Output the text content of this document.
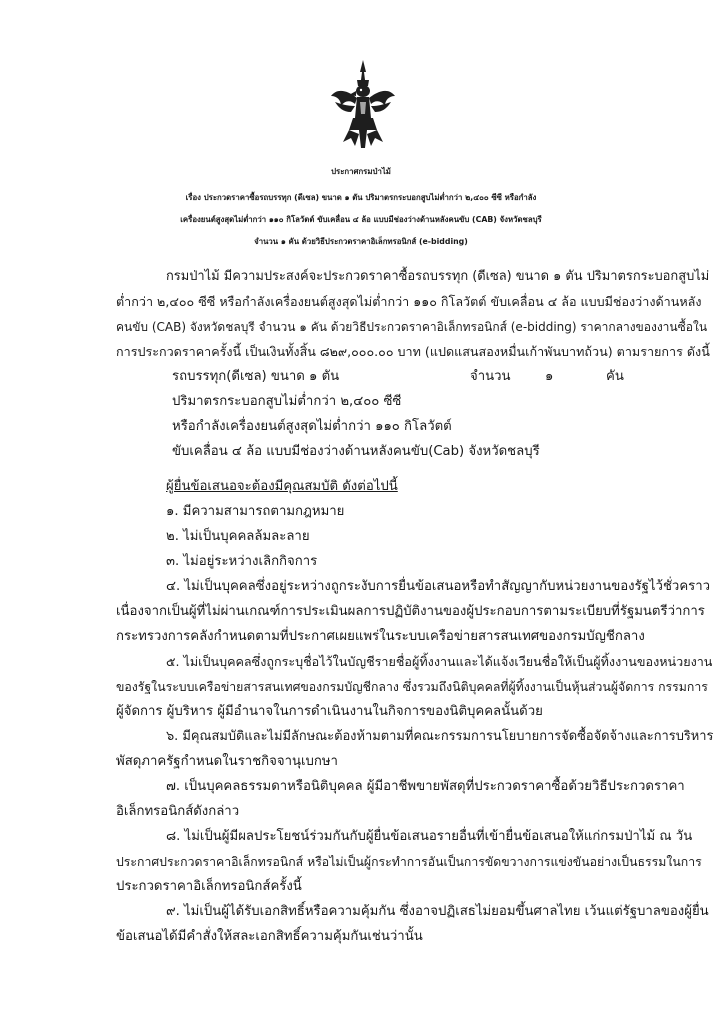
ประกาศกรมป่าไม้
เรื่อง ประกวดราคาซื้อรถบรรทุก (ดีเซล) ขนาด ๑ ตัน ปริมาตรกระบอกสูบไม่ต่ำกว่า ๒,๔๐๐ ซีซี หรือกำลัง
เครื่องยนต์สูงสุดไม่ต่ำกว่า ๑๑๐ กิโลวัตต์ ขับเคลื่อน ๔ ล้อ แบบมีช่องว่างด้านหลังคนขับ (CAB) จังหวัดชลบุรี
จำนวน ๑ คัน ด้วยวิธีประกวดราคาอิเล็กทรอนิกส์ (e-bidding)
กรมป่าไม้ มีความประสงค์จะประกวดราคาซื้อรถบรรทุก (ดีเซล) ขนาด ๑ ตัน ปริมาตรกระบอกสูบไม่
ต่ำกว่า ๒,๔๐๐ ซีซี หรือกำลังเครื่องยนต์สูงสุดไม่ต่ำกว่า ๑๑๐ กิโลวัตต์ ขับเคลื่อน ๔ ล้อ แบบมีช่องว่างด้านหลัง
คนขับ (CAB) จังหวัดชลบุรี จำนวน ๑ คัน ด้วยวิธีประกวดราคาอิเล็กทรอนิกส์ (e-bidding) ราคากลางของงานซื้อใน
การประกวดราคาครั้งนี้ เป็นเงินทั้งสิ้น ๘๒๙,๐๐๐.๐๐ บาท (แปดแสนสองหมื่นเก้าพันบาทถ้วน) ตามรายการ ดังนี้
รถบรรทุก(ดีเซล) ขนาด ๑ ตัน	จำนวน	๑	คัน
ปริมาตรกระบอกสูบไม่ต่ำกว่า ๒,๔๐๐ ซีซี
หรือกำลังเครื่องยนต์สูงสุดไม่ต่ำกว่า ๑๑๐ กิโลวัตต์
ขับเคลื่อน ๔ ล้อ แบบมีช่องว่างด้านหลังคนขับ(Cab) จังหวัดชลบุรี
ผู้ยื่นข้อเสนอจะต้องมีคุณสมบัติ ดังต่อไปนี้
๑. มีความสามารถตามกฎหมาย
๒. ไม่เป็นบุคคลล้มละลาย
๓. ไม่อยู่ระหว่างเลิกกิจการ
๔. ไม่เป็นบุคคลซึ่งอยู่ระหว่างถูกระงับการยื่นข้อเสนอหรือทำสัญญากับหน่วยงานของรัฐไว้ชั่วคราว
เนื่องจากเป็นผู้ที่ไม่ผ่านเกณฑ์การประเมินผลการปฏิบัติงานของผู้ประกอบการตามระเบียบที่รัฐมนตรีว่าการ
กระทรวงการคลังกำหนดตามที่ประกาศเผยแพร่ในระบบเครือข่ายสารสนเทศของกรมบัญชีกลาง
๕. ไม่เป็นบุคคลซึ่งถูกระบุชื่อไว้ในบัญชีรายชื่อผู้ทิ้งงานและได้แจ้งเวียนชื่อให้เป็นผู้ทิ้งงานของหน่วยงาน
ของรัฐในระบบเครือข่ายสารสนเทศของกรมบัญชีกลาง ซึ่งรวมถึงนิติบุคคลที่ผู้ทิ้งงานเป็นหุ้นส่วนผู้จัดการ กรรมการ
ผู้จัดการ ผู้บริหาร ผู้มีอำนาจในการดำเนินงานในกิจการของนิติบุคคลนั้นด้วย
๖. มีคุณสมบัติและไม่มีลักษณะต้องห้ามตามที่คณะกรรมการนโยบายการจัดซื้อจัดจ้างและการบริหาร
พัสดุภาครัฐกำหนดในราชกิจจานุเบกษา
๗. เป็นบุคคลธรรมดาหรือนิติบุคคล ผู้มีอาชีพขายพัสดุที่ประกวดราคาซื้อด้วยวิธีประกวดราคา
อิเล็กทรอนิกส์ดังกล่าว
๘. ไม่เป็นผู้มีผลประโยชน์ร่วมกันกับผู้ยื่นข้อเสนอรายอื่นที่เข้ายื่นข้อเสนอให้แก่กรมป่าไม้ ณ วัน
ประกาศประกวดราคาอิเล็กทรอนิกส์ หรือไม่เป็นผู้กระทำการอันเป็นการขัดขวางการแข่งขันอย่างเป็นธรรมในการ
ประกวดราคาอิเล็กทรอนิกส์ครั้งนี้
๙. ไม่เป็นผู้ได้รับเอกสิทธิ์หรือความคุ้มกัน ซึ่งอาจปฏิเสธไม่ยอมขึ้นศาลไทย เว้นแต่รัฐบาลของผู้ยื่น
ข้อเสนอได้มีคำสั่งให้สละเอกสิทธิ์ความคุ้มกันเช่นว่านั้น
